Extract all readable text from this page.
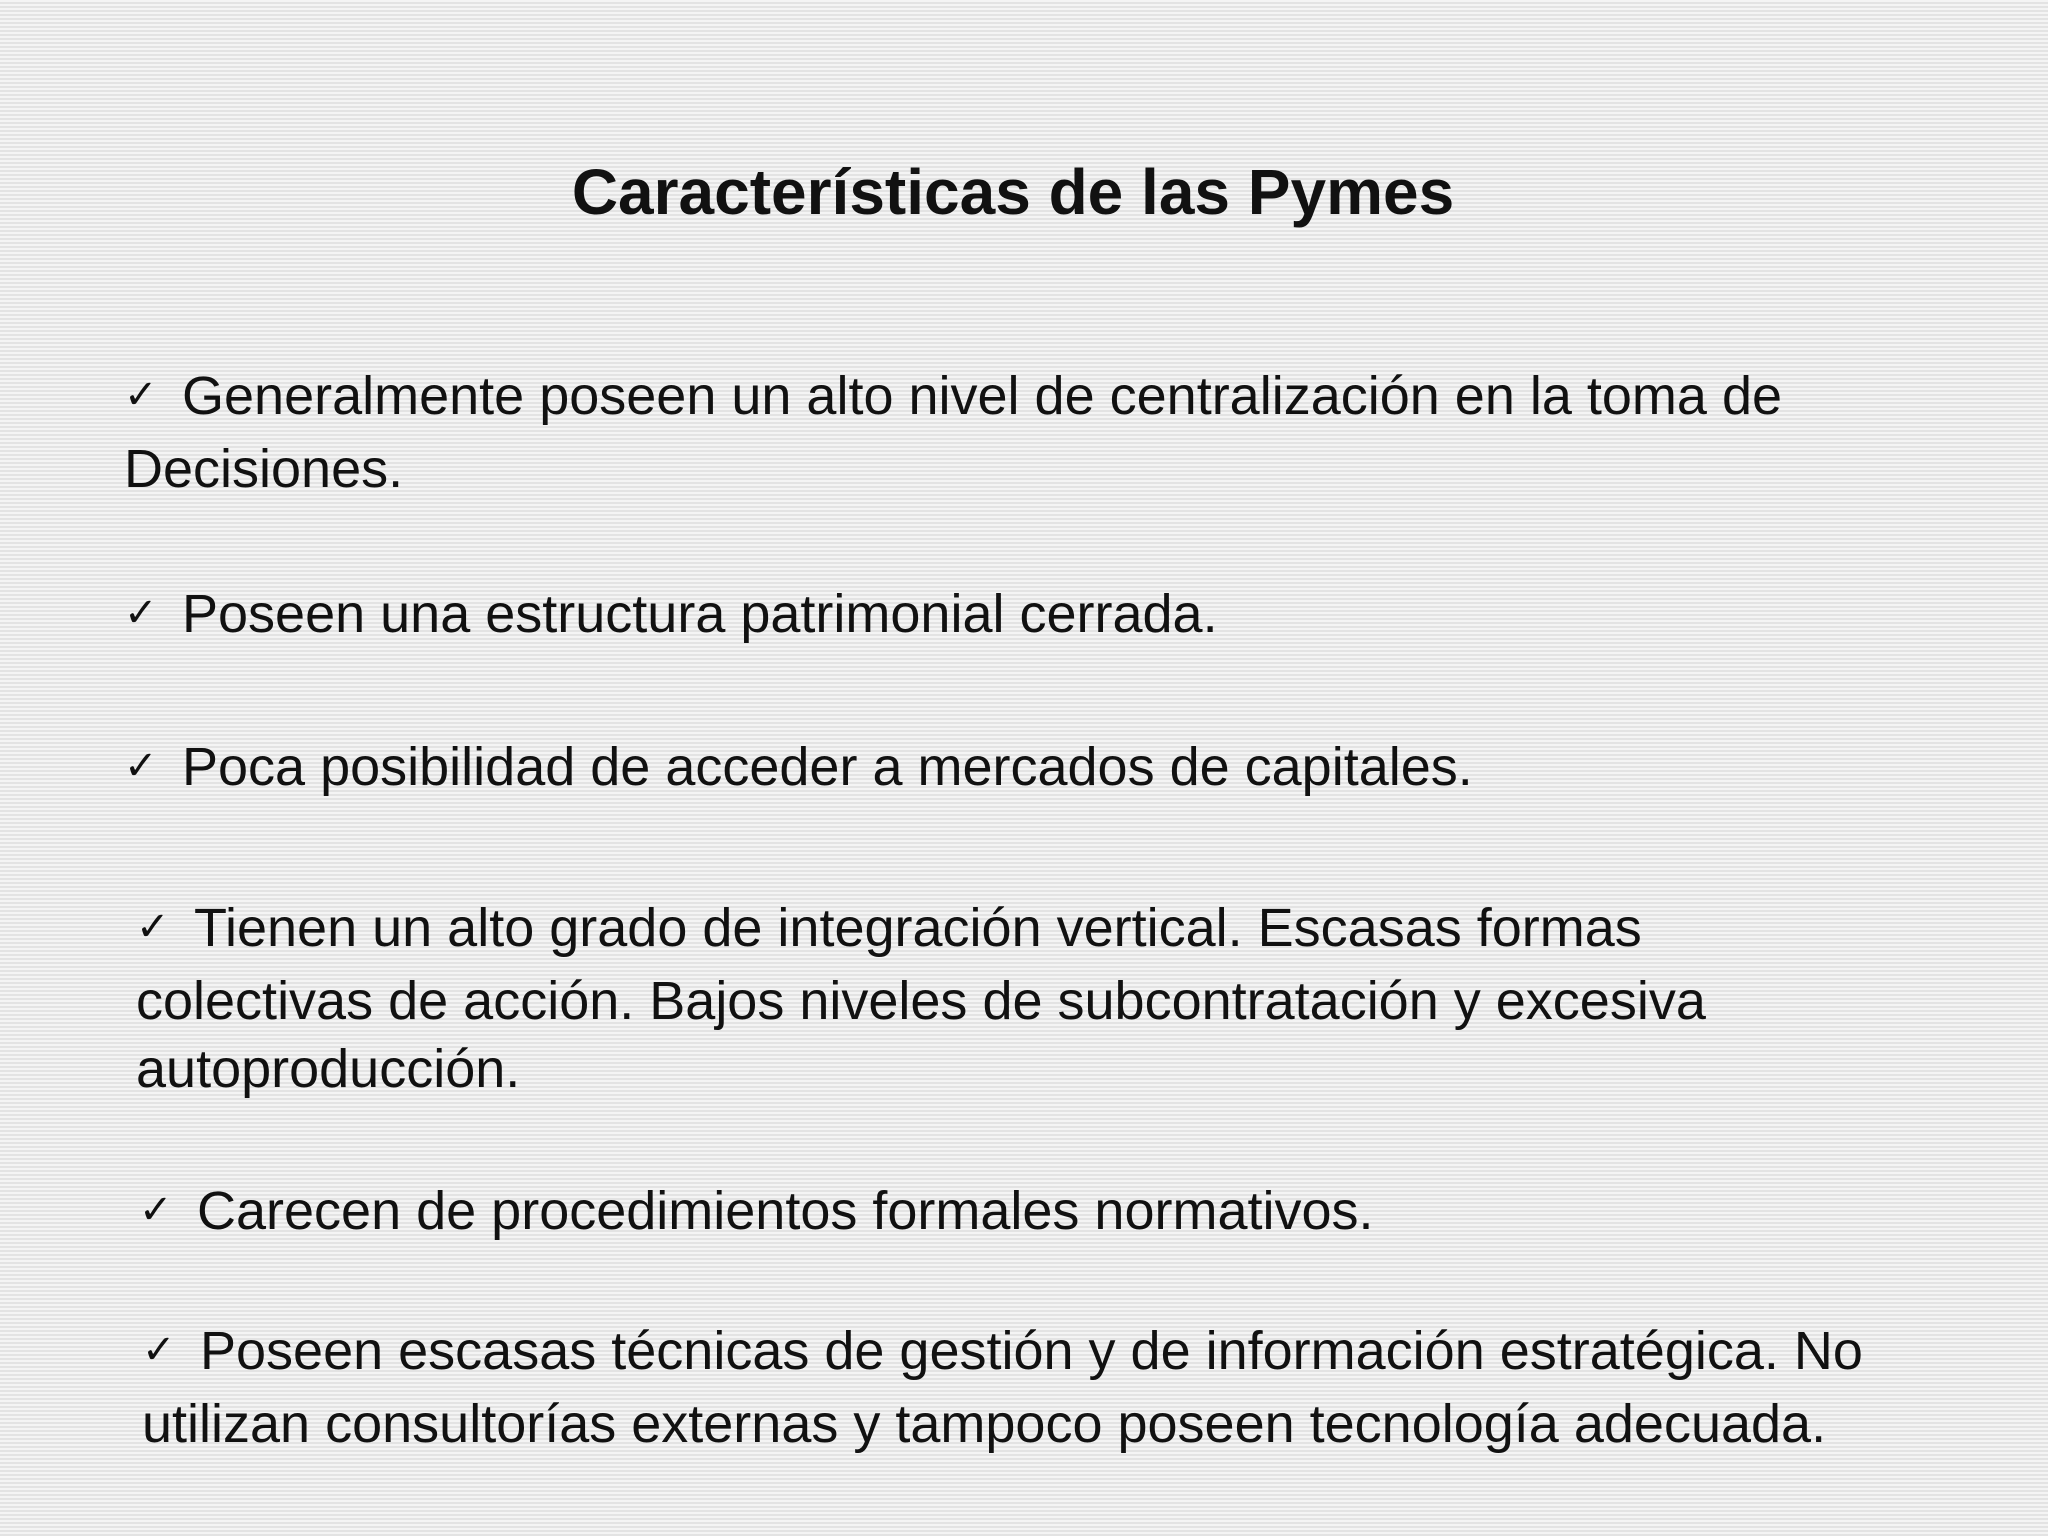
Características de las Pymes

✓ Generalmente poseen un alto nivel de centralización en la toma de Decisiones.

✓ Poseen una estructura patrimonial cerrada.

✓ Poca posibilidad de acceder a mercados de capitales.

✓ Tienen un alto grado de integración vertical. Escasas formas colectivas de acción. Bajos niveles de subcontratación y excesiva autoproducción.

✓ Carecen de procedimientos formales normativos.

✓ Poseen escasas técnicas de gestión y de información estratégica. No utilizan consultorías externas y tampoco poseen tecnología adecuada.
